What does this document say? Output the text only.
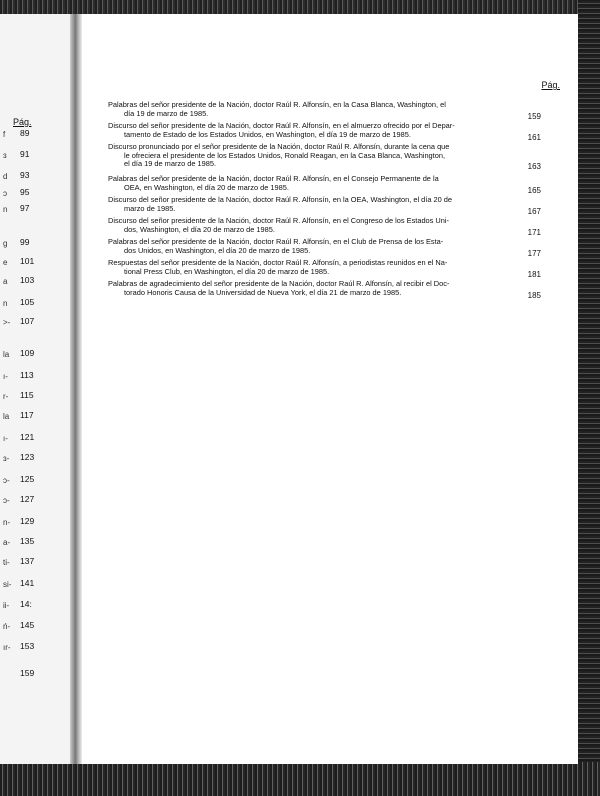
Pág.
Pág.
f 89
ɜ 91
d 93
ɔ 95
n 97
g 99
e 101
a 103
n 105
>- 107
la 109
ı- 113
r- 115
la 117
ı- 121
ɜ- 123
ɔ- 125
ɔ- 127
n- 129
a- 135
ti- 137
si- 141
ii- 14:
ń- 145
ır- 153
159
Palabras del señor presidente de la Nación, doctor Raúl R. Alfonsín, en la Casa Blanca, Washington, el
día 19 de marzo de 1985.	159
Discurso del señor presidente de la Nación, doctor Raúl R. Alfonsín, en el almuerzo ofrecido por el Depar-
tamento de Estado de los Estados Unidos, en Washington, el día 19 de marzo de 1985.	161
Discurso pronunciado por el señor presidente de la Nación, doctor Raúl R. Alfonsín, durante la cena que
le ofreciera el presidente de los Estados Unidos, Ronald Reagan, en la Casa Blanca, Washington,
el día 19 de marzo de 1985.	163
Palabras del señor presidente de la Nación, doctor Raúl R. Alfonsín, en el Consejo Permanente de la
OEA, en Washington, el día 20 de marzo de 1985.	165
Discurso del señor presidente de la Nación, doctor Raúl R. Alfonsín, en la OEA, Washington, el día 20 de
marzo de 1985.	167
Discurso del señor presidente de la Nación, doctor Raúl R. Alfonsín, en el Congreso de los Estados Uni-
dos, Washington, el día 20 de marzo de 1985.	171
Palabras del señor presidente de la Nación, doctor Raúl R. Alfonsín, en el Club de Prensa de los Esta-
dos Unidos, en Washington, el día 20 de marzo de 1985.	177
Respuestas del señor presidente de la Nación, doctor Raúl R. Alfonsín, a periodistas reunidos en el Na-
tional Press Club, en Washington, el día 20 de marzo de 1985.	181
Palabras de agradecimiento del señor presidente de la Nación, doctor Raúl R. Alfonsín, al recibir el Doc-
torado Honoris Causa de la Universidad de Nueva York, el día 21 de marzo de 1985.	185
